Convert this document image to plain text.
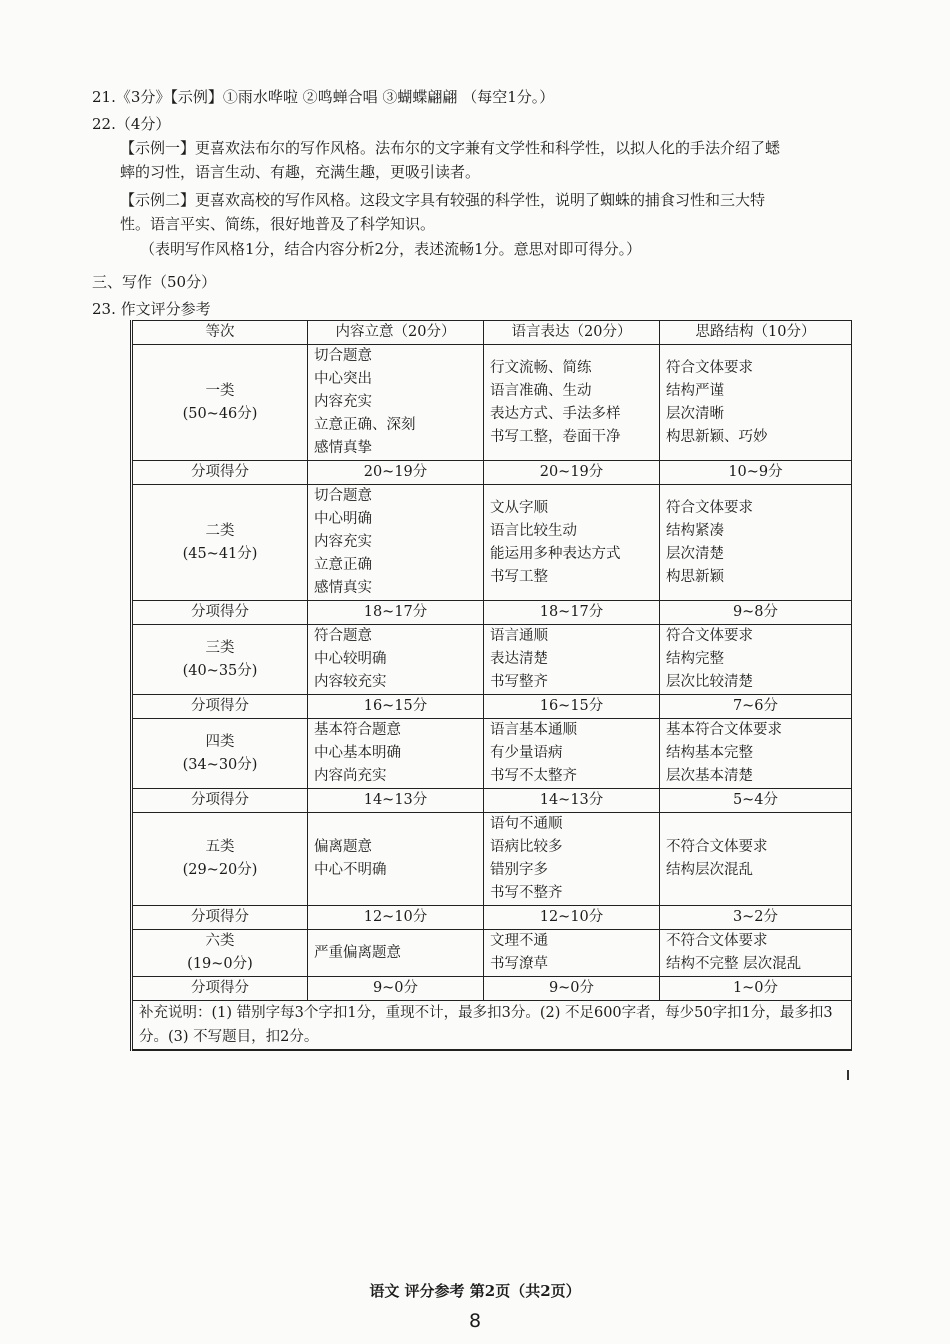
21.《3分》【示例】①雨水哗啦 ②鸣蝉合唱 ③蝴蝶翩翩 （每空1分。）
22.（4分）
【示例一】更喜欢法布尔的写作风格。法布尔的文字兼有文学性和科学性，以拟人化的手法介绍了蟋
蟀的习性，语言生动、有趣，充满生趣，更吸引读者。
【示例二】更喜欢高校的写作风格。这段文字具有较强的科学性，说明了蜘蛛的捕食习性和三大特
性。语言平实、简练，很好地普及了科学知识。
（表明写作风格1分，结合内容分析2分，表述流畅1分。意思对即可得分。）
三、写作（50分）
23. 作文评分参考
等次	内容立意（20分）	语言表达（20分）	思路结构（10分）

一类
(50~46分)	切合题意
中心突出
内容充实
立意正确、深刻
感情真挚	行文流畅、简练
语言准确、生动
表达方式、手法多样
书写工整，卷面干净	符合文体要求
结构严谨
层次清晰
构思新颖、巧妙

分项得分	20~19分	20~19分	10~9分

二类
(45~41分)	切合题意
中心明确
内容充实
立意正确
感情真实	文从字顺
语言比较生动
能运用多种表达方式
书写工整	符合文体要求
结构紧凑
层次清楚
构思新颖

分项得分	18~17分	18~17分	9~8分

三类
(40~35分)	符合题意
中心较明确
内容较充实	语言通顺
表达清楚
书写整齐	符合文体要求
结构完整
层次比较清楚

分项得分	16~15分	16~15分	7~6分

四类
(34~30分)	基本符合题意
中心基本明确
内容尚充实	语言基本通顺
有少量语病
书写不太整齐	基本符合文体要求
结构基本完整
层次基本清楚

分项得分	14~13分	14~13分	5~4分

五类
(29~20分)	偏离题意
中心不明确	语句不通顺
语病比较多
错别字多
书写不整齐	不符合文体要求
结构层次混乱

分项得分	12~10分	12~10分	3~2分

六类
(19~0分)	严重偏离题意	文理不通
书写潦草	不符合文体要求
结构不完整 层次混乱

分项得分	9~0分	9~0分	1~0分
补充说明：(1) 错别字每3个字扣1分，重现不计，最多扣3分。(2) 不足600字者，每少50字扣1分，最多扣3分。(3) 不写题目，扣2分。			
语文 评分参考 第2页（共2页）
8
